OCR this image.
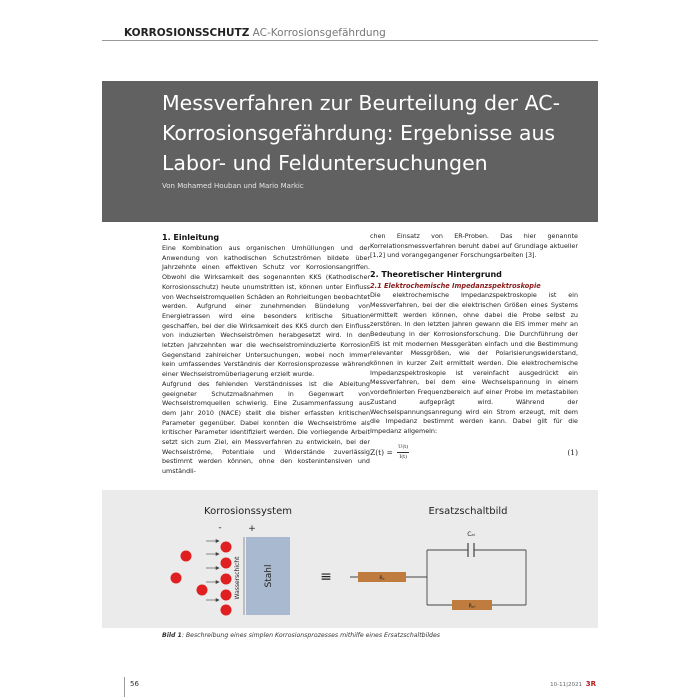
KORROSIONSSCHUTZ AC-Korrosionsgefährdung
Messverfahren zur Beurteilung der AC-Korrosionsgefährdung: Ergebnisse aus Labor- und Felduntersuchungen
Von Mohamed Houban und Mario Markic
1. Einleitung

Eine Kombination aus organischen Umhüllungen und der Anwendung von kathodischen Schutzströmen bildete über Jahrzehnte einen effektiven Schutz vor Korrosionsangriffen. Obwohl die Wirksamkeit des sogenannten KKS (Kathodischer Korrosionsschutz) heute unumstritten ist, können unter Einfluss von Wechselstromquellen Schäden an Rohrleitungen beobachtet werden. Aufgrund einer zunehmenden Bündelung von Energietrassen wird eine besonders kritische Situation geschaffen, bei der die Wirksamkeit des KKS durch den Einfluss von induzierten Wechselströmen herabgesetzt wird. In den letzten Jahrzehnten war die wechselstrominduzierte Korrosion Gegenstand zahlreicher Untersuchungen, wobei noch immer kein umfassendes Verständnis der Korrosionsprozesse während einer Wechselstromüberlagerung erzielt wurde.

Aufgrund des fehlenden Verständnisses ist die Ableitung geeigneter Schutzmaßnahmen in Gegenwart von Wechselstromquellen schwierig. Eine Zusammenfassung aus dem Jahr 2010 (NACE) stellt die bisher erfassten kritischen Parameter gegenüber. Dabei konnten die Wechselströme als kritischer Parameter identifiziert werden. Die vorliegende Arbeit setzt sich zum Ziel, ein Messverfahren zu entwickeln, bei der Wechselströme, Potentiale und Widerstände zuverlässig bestimmt werden können, ohne den kostenintensiven und umständli-

chen Einsatz von ER-Proben. Das hier genannte Korrelationsmessverfahren beruht dabei auf Grundlage aktueller [1,2] und vorangegangener Forschungsarbeiten [3].

2. Theoretischer Hintergrund
2.1 Elektrochemische Impedanzspektroskopie

Die elektrochemische Impedanzspektroskopie ist ein Messverfahren, bei der die elektrischen Größen eines Systems ermittelt werden können, ohne dabei die Probe selbst zu zerstören. In den letzten Jahren gewann die EIS immer mehr an Bedeutung in der Korrosionsforschung. Die Durchführung der EIS ist mit modernen Messgeräten einfach und die Bestimmung relevanter Messgrößen, wie der Polarisierungswiderstand, können in kurzer Zeit ermittelt werden. Die elektrochemische Impedanzspektroskopie ist vereinfacht ausgedrückt ein Messverfahren, bei dem eine Wechselspannung in einem vordefinierten Frequenzbereich auf einer Probe im metastabilen Zustand aufgeprägt wird. Während der Wechselspannungsanregung wird ein Strom erzeugt, mit dem die Impedanz bestimmt werden kann. Dabei gilt für die Impedanz allgemein:

$Z(t) = \frac{U(t)}{I(t)}$	(1)
Korrosionssystem
-	+
Wasserschicht	Stahl	≡
Ersatzschaltbild
Cₐₗ
Rₛ
Rₚₜ
Bild 1: Beschreibung eines simplen Korrosionsprozesses mithilfe eines Ersatzschaltbildes
56	10-11|2021 3R
